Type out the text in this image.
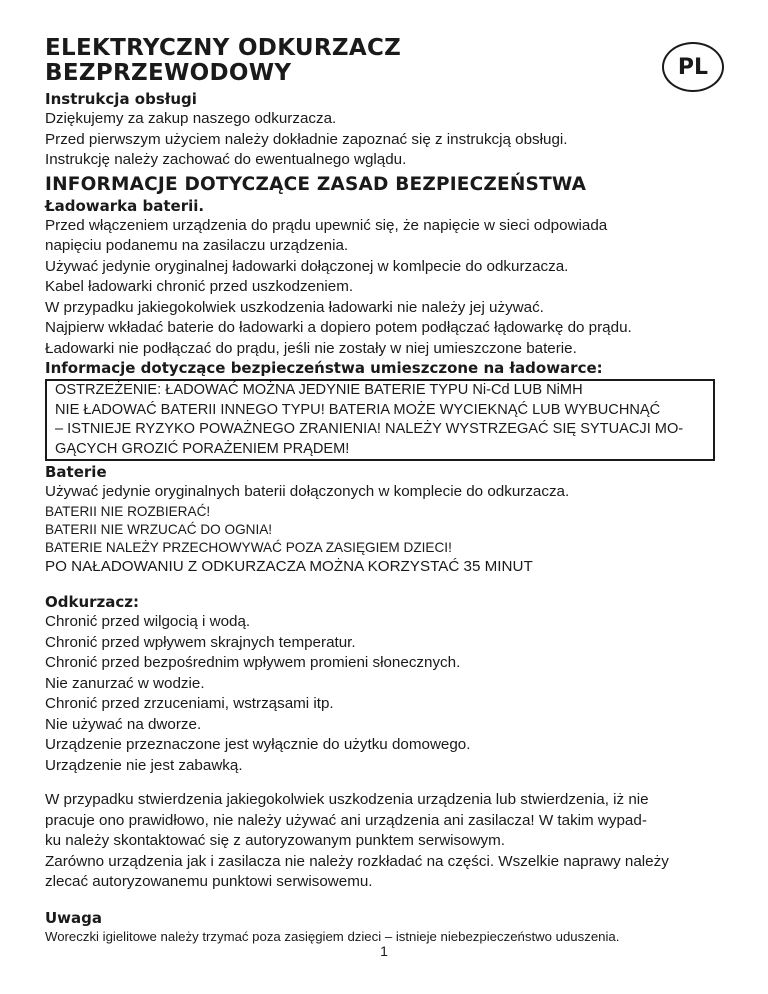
PL
ELEKTRYCZNY ODKURZACZ
BEZPRZEWODOWY
Instrukcja obsługi

Dziękujemy za zakup naszego odkurzacza.

Przed pierwszym użyciem należy dokładnie zapoznać się z instrukcją obsługi.

Instrukcję należy zachować do ewentualnego wglądu.

INFORMACJE DOTYCZĄCE ZASAD BEZPIECZEŃSTWA
Ładowarka baterii.

Przed włączeniem urządzenia do prądu upewnić się, że napięcie w sieci odpowiada

napięciu podanemu na zasilaczu urządzenia.

Używać jedynie oryginalnej ładowarki dołączonej w komlpecie do odkurzacza.

Kabel ładowarki chronić przed uszkodzeniem.

W przypadku jakiegokolwiek uszkodzenia ładowarki nie należy jej używać.

Najpierw wkładać baterie do ładowarki a dopiero potem podłączać łądowarkę do prądu.

Ładowarki nie podłączać do prądu, jeśli nie zostały w niej umieszczone baterie.

Informacje dotyczące bezpieczeństwa umieszczone na ładowarce:
OSTRZEŻENIE: ŁADOWAĆ MOŻNA JEDYNIE BATERIE TYPU Ni-Cd LUB NiMH
NIE ŁADOWAĆ BATERII INNEGO TYPU! BATERIA MOŻE WYCIEKNĄĆ LUB WYBUCHNĄĆ
– ISTNIEJE RYZYKO POWAŻNEGO ZRANIENIA! NALEŻY WYSTRZEGAĆ SIĘ SYTUACJI MO-
GĄCYCH GROZIĆ PORAŻENIEM PRĄDEM!
Baterie

Używać jedynie oryginalnych baterii dołączonych w komplecie do odkurzacza.

BATERII NIE ROZBIERAĆ!

BATERII NIE WRZUCAĆ DO OGNIA!

BATERIE NALEŻY PRZECHOWYWAĆ POZA ZASIĘGIEM DZIECI!

PO NAŁADOWANIU Z ODKURZACZA MOŻNA KORZYSTAĆ 35 MINUT

Odkurzacz:

Chronić przed wilgocią i wodą.

Chronić przed wpływem skrajnych temperatur.

Chronić przed bezpośrednim wpływem promieni słonecznych.

Nie zanurzać w wodzie.

Chronić przed zrzuceniami, wstrząsami itp.

Nie używać na dworze.

Urządzenie przeznaczone jest wyłącznie do użytku domowego.

Urządzenie nie jest zabawką.

W przypadku stwierdzenia jakiegokolwiek uszkodzenia urządzenia lub stwierdzenia, iż nie

pracuje ono prawidłowo, nie należy używać ani urządzenia ani zasilacza! W takim wypad-

ku należy skontaktować się z autoryzowanym punktem serwisowym.

Zarówno urządzenia jak i zasilacza nie należy rozkładać na części. Wszelkie naprawy należy

zlecać autoryzowanemu punktowi serwisowemu.

Uwaga

Woreczki igielitowe należy trzymać poza zasięgiem dzieci – istnieje niebezpieczeństwo uduszenia.

1
